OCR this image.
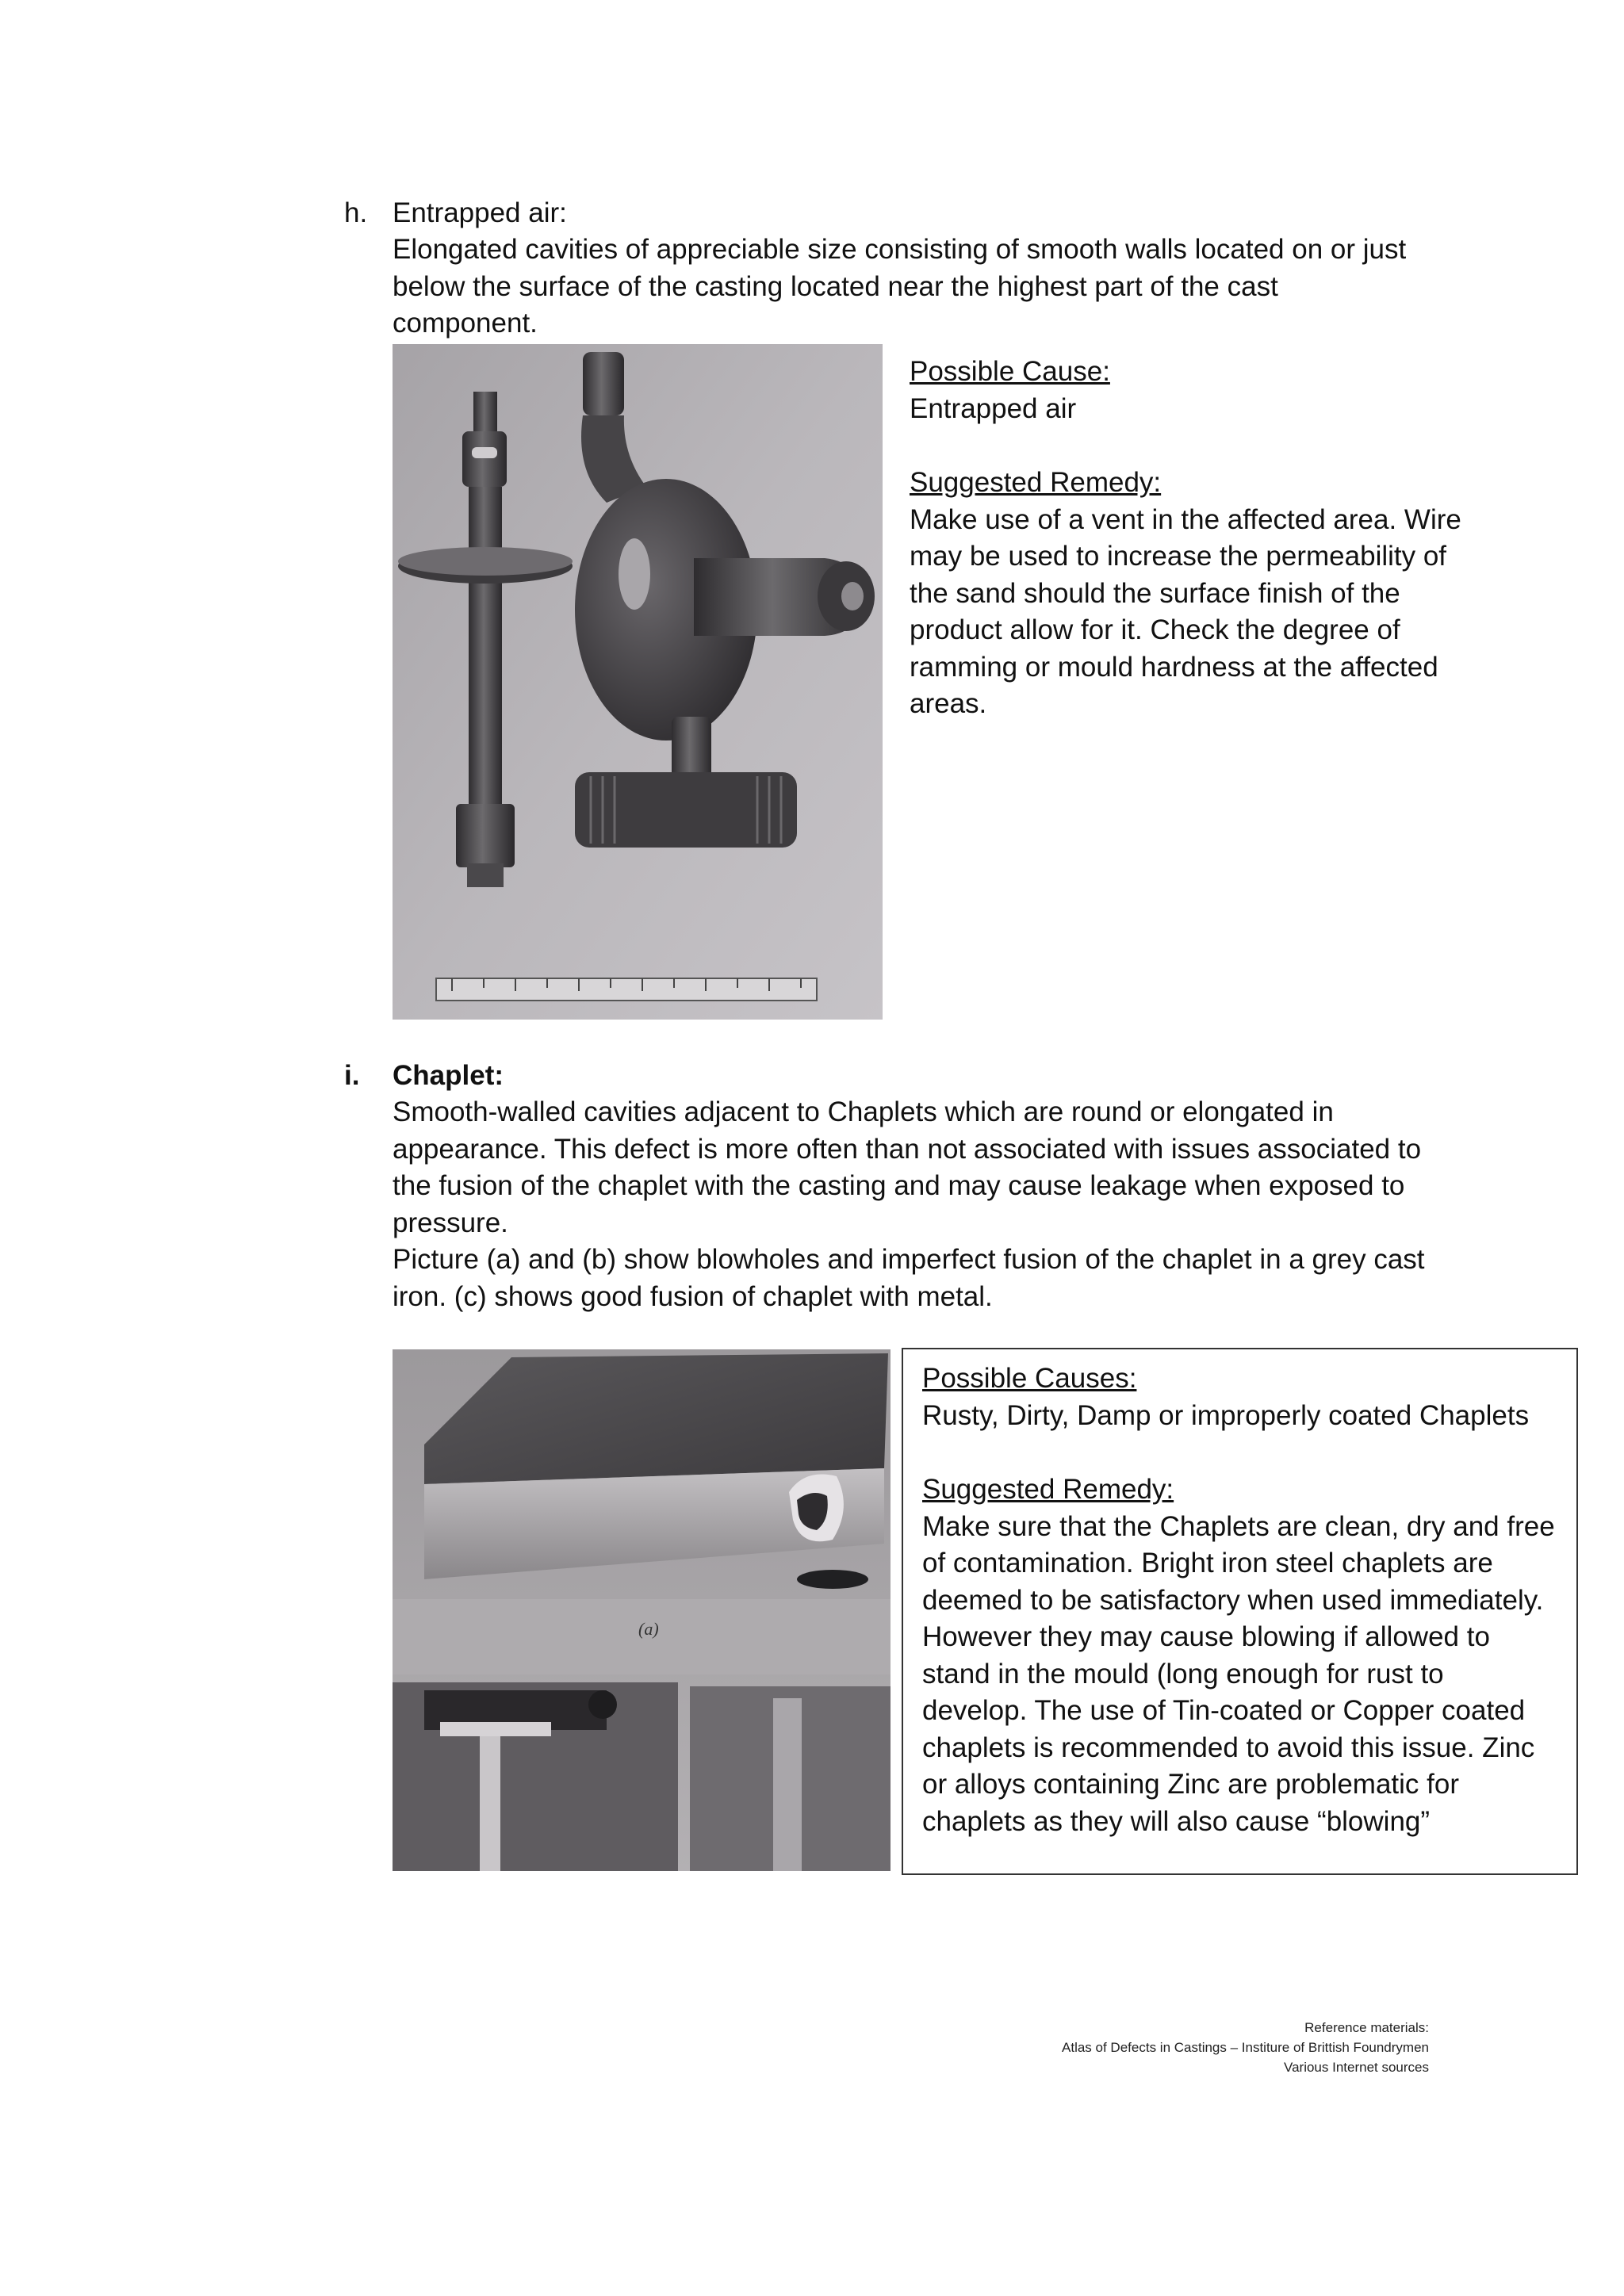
h. Entrapped air:
Elongated cavities of appreciable size consisting of smooth walls located on or just
below the surface of the casting located near the highest part of the cast
component.
Possible Cause:
Entrapped air
Suggested Remedy:
Make use of a vent in the affected area. Wire
may be used to increase the permeability of
the sand should the surface finish of the
product allow for it. Check the degree of
ramming or mould hardness at the affected
areas.
i. Chaplet:
Smooth-walled cavities adjacent to Chaplets which are round or elongated in
appearance. This defect is more often than not associated with issues associated to
the fusion of the chaplet with the casting and may cause leakage when exposed to
pressure.
Picture (a) and (b) show blowholes and imperfect fusion of the chaplet in a grey cast
iron. (c) shows good fusion of chaplet with metal.
(a)
Possible Causes:
Rusty, Dirty, Damp or improperly coated Chaplets
Suggested Remedy:
Make sure that the Chaplets are clean, dry and free
of contamination. Bright iron steel chaplets are
deemed to be satisfactory when used immediately.
However they may cause blowing if allowed to
stand in the mould (long enough for rust to
develop. The use of Tin-coated or Copper coated
chaplets is recommended to avoid this issue. Zinc
or alloys containing Zinc are problematic for
chaplets as they will also cause “blowing”
Reference materials:
Atlas of Defects in Castings – Institure of Brittish Foundrymen
Various Internet sources
